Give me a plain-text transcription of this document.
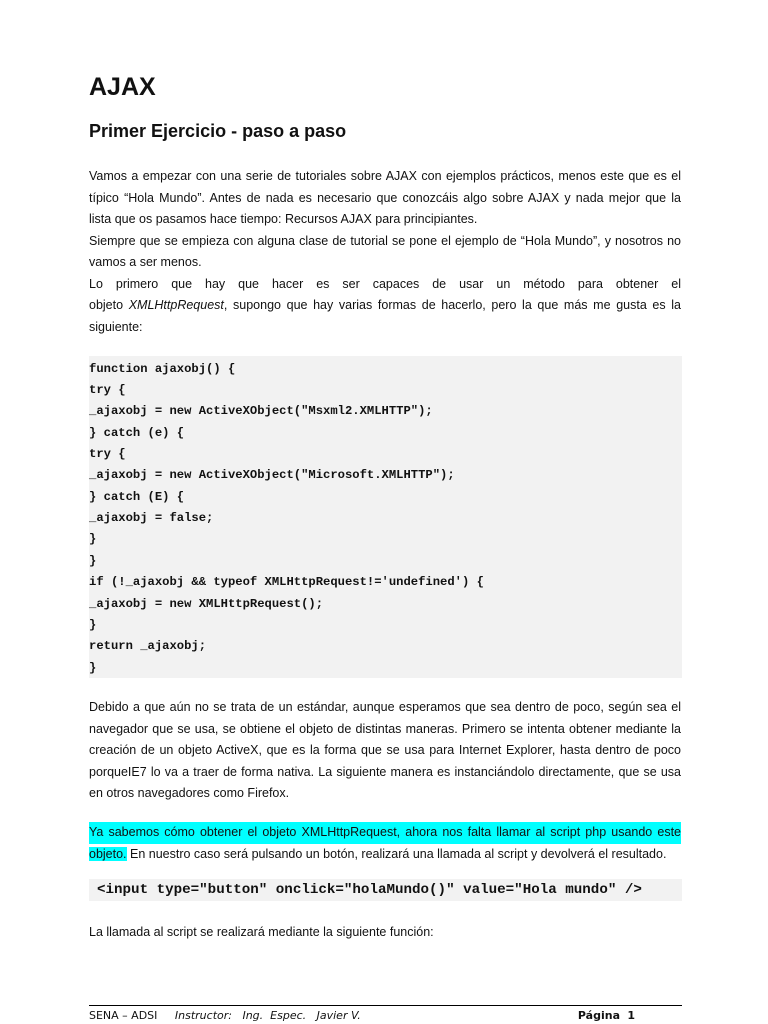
AJAX
Primer Ejercicio - paso a paso
Vamos a empezar con una serie de tutoriales sobre AJAX con ejemplos prácticos, menos este que es el
típico “Hola Mundo”. Antes de nada es necesario que conozcáis algo sobre AJAX y nada mejor que la
lista que os pasamos hace tiempo: Recursos AJAX para principiantes.
Siempre que se empieza con alguna clase de tutorial se pone el ejemplo de “Hola Mundo”, y nosotros no
vamos a ser menos.
Lo primero que hay que hacer es ser capaces de usar un método para obtener el
objeto XMLHttpRequest, supongo que hay varias formas de hacerlo, pero la que más me gusta es la
siguiente:
function ajaxobj() {
try {
_ajaxobj = new ActiveXObject("Msxml2.XMLHTTP");
} catch (e) {
try {
_ajaxobj = new ActiveXObject("Microsoft.XMLHTTP");
} catch (E) {
_ajaxobj = false;
}
}
if (!_ajaxobj && typeof XMLHttpRequest!='undefined') {
_ajaxobj = new XMLHttpRequest();
}
return _ajaxobj;
}
Debido a que aún no se trata de un estándar, aunque esperamos que sea dentro de poco, según sea el
navegador que se usa, se obtiene el objeto de distintas maneras. Primero se intenta obtener mediante la
creación de un objeto ActiveX, que es la forma que se usa para Internet Explorer, hasta dentro de poco
porqueIE7 lo va a traer de forma nativa. La siguiente manera es instanciándolo directamente, que se usa
en otros navegadores como Firefox.
Ya sabemos cómo obtener el objeto XMLHttpRequest, ahora nos falta llamar al script php usando este
objeto. En nuestro caso será pulsando un botón, realizará una llamada al script y devolverá el resultado.
<input type="button" onclick="holaMundo()" value="Hola mundo" />
La llamada al script se realizará mediante la siguiente función:
SENA – ADSI Instructor: Ing.  Espec.   Javier V.	Página 1
